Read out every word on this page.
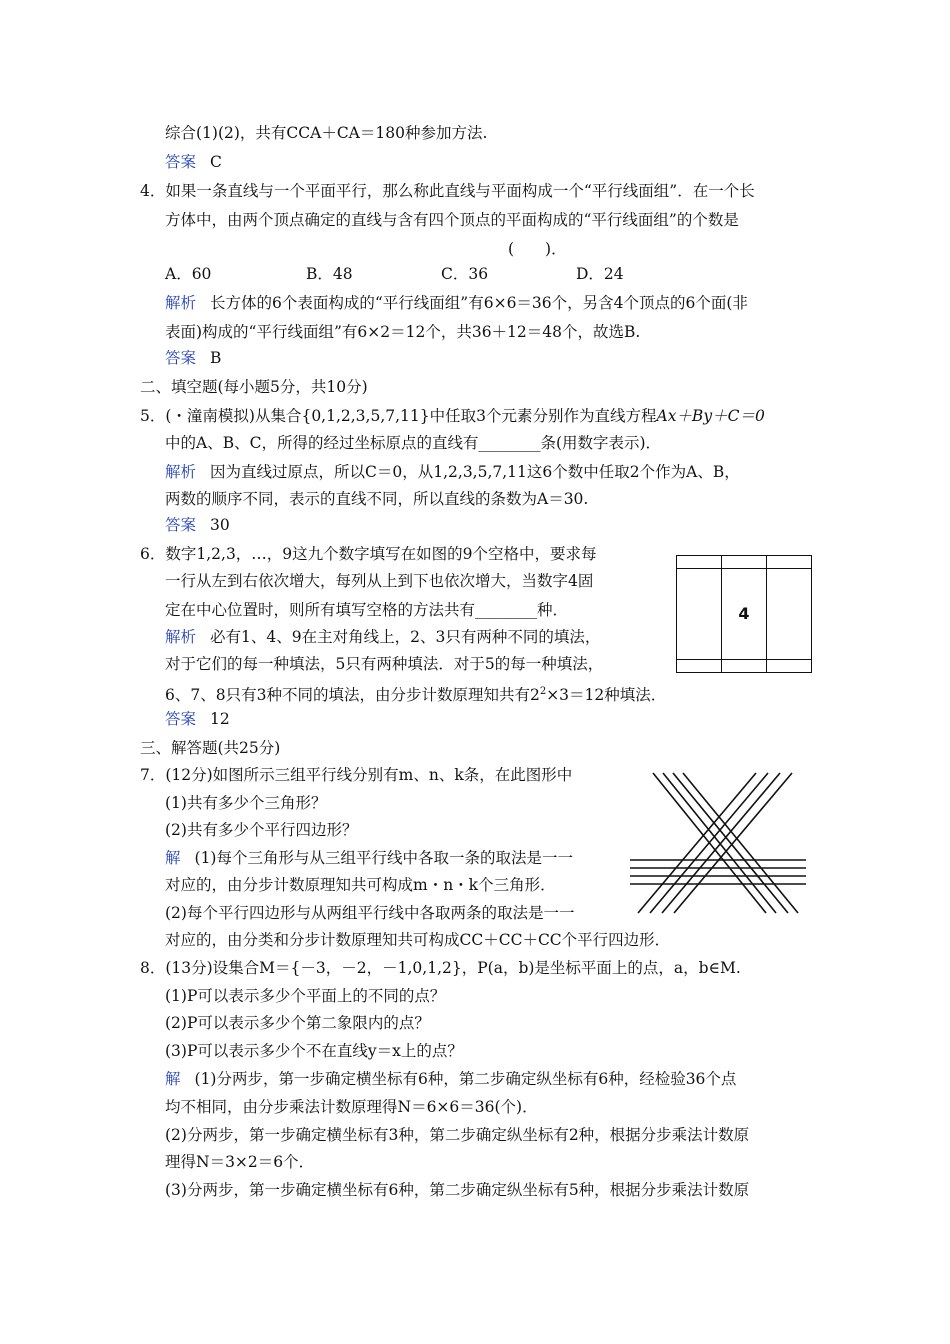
综合(1)(2)，共有CCA＋CA＝180种参加方法.
答案 C
4．如果一条直线与一个平面平行，那么称此直线与平面构成一个“平行线面组”．在一个长
方体中，由两个顶点确定的直线与含有四个顶点的平面构成的“平行线面组”的个数是
(　　)．
A．60	B．48	C．36	D．24
解析 长方体的6个表面构成的“平行线面组”有6×6＝36个，另含4个顶点的6个面(非
表面)构成的“平行线面组”有6×2＝12个，共36＋12＝48个，故选B.
答案 B
二、填空题(每小题5分，共10分)
5．(・潼南模拟)从集合{0,1,2,3,5,7,11}中任取3个元素分别作为直线方程Ax＋By＋C＝0
中的A、B、C，所得的经过坐标原点的直线有________条(用数字表示)．
解析 因为直线过原点，所以C＝0，从1,2,3,5,7,11这6个数中任取2个作为A、B，
两数的顺序不同，表示的直线不同，所以直线的条数为A＝30.
答案 30
6．数字1,2,3，…，9这九个数字填写在如图的9个空格中，要求每
一行从左到右依次增大，每列从上到下也依次增大，当数字4固
定在中心位置时，则所有填写空格的方法共有________种．
解析 必有1、4、9在主对角线上，2、3只有两种不同的填法，
对于它们的每一种填法，5只有两种填法．对于5的每一种填法，
6、7、8只有3种不同的填法，由分步计数原理知共有$2^2\times 3=12$种填法．
答案 12

	4	

三、解答题(共25分)
7．(12分)如图所示三组平行线分别有m、n、k条，在此图形中
(1)共有多少个三角形？
(2)共有多少个平行四边形？
解 (1)每个三角形与从三组平行线中各取一条的取法是一一
对应的，由分步计数原理知共可构成m・n・k个三角形．
(2)每个平行四边形与从两组平行线中各取两条的取法是一一
对应的，由分类和分步计数原理知共可构成CC＋CC＋CC个平行四边形．
8．(13分)设集合M＝{－3，－2，－1,0,1,2}，P(a，b)是坐标平面上的点，a，b∈M.
(1)P可以表示多少个平面上的不同的点？
(2)P可以表示多少个第二象限内的点？
(3)P可以表示多少个不在直线y＝x上的点？
解 (1)分两步，第一步确定横坐标有6种，第二步确定纵坐标有6种，经检验36个点
均不相同，由分步乘法计数原理得N＝6×6＝36(个)．
(2)分两步，第一步确定横坐标有3种，第二步确定纵坐标有2种，根据分步乘法计数原
理得N＝3×2＝6个．
(3)分两步，第一步确定横坐标有6种，第二步确定纵坐标有5种，根据分步乘法计数原
